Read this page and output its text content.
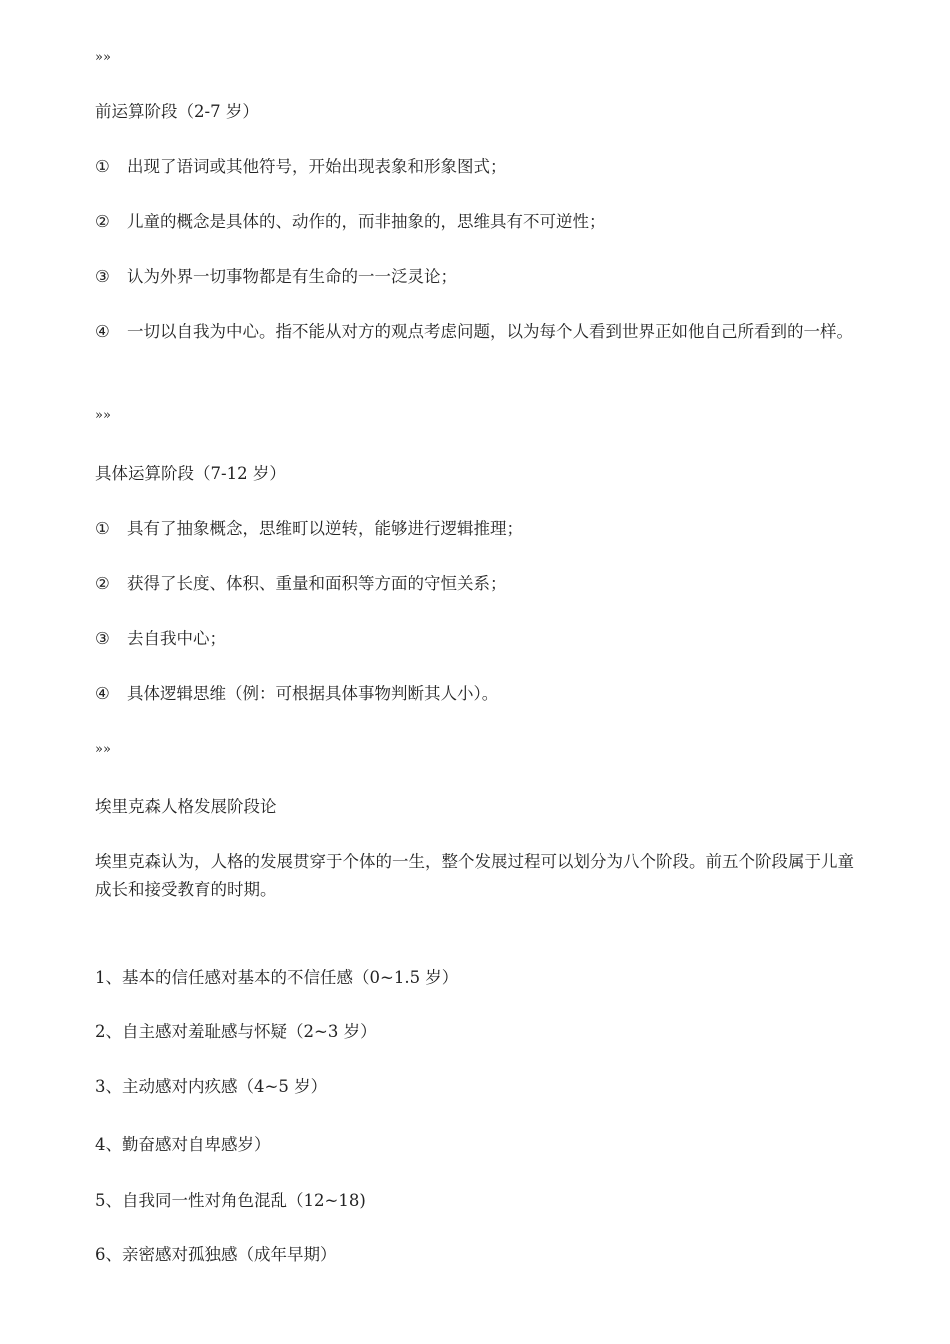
»»
前运算阶段（2-7 岁）
① 出现了语词或其他符号，开始出现表象和形象图式；
② 儿童的概念是具体的、动作的，而非抽象的，思维具有不可逆性；
③ 认为外界一切事物都是有生命的一一泛灵论；
④ 一切以自我为中心。指不能从对方的观点考虑问题，以为每个人看到世界正如他自己所看到的一样。
»»
具体运算阶段（7-12 岁）
① 具有了抽象概念，思维町以逆转，能够进行逻辑推理；
② 获得了长度、体积、重量和面积等方面的守恒关系；
③ 去自我中心；
④ 具体逻辑思维（例：可根据具体事物判断其人小）。
»»
埃里克森人格发展阶段论
埃里克森认为，人格的发展贯穿于个体的一生，整个发展过程可以划分为八个阶段。前五个阶段属于儿童成长和接受教育的时期。
1、基本的信任感对基本的不信任感（0~1.5 岁）
2、自主感对羞耻感与怀疑（2~3 岁）
3、主动感对内疚感（4~5 岁）
4、勤奋感对自卑感岁）
5、自我同一性对角色混乱（12~18)
6、亲密感对孤独感（成年早期）
